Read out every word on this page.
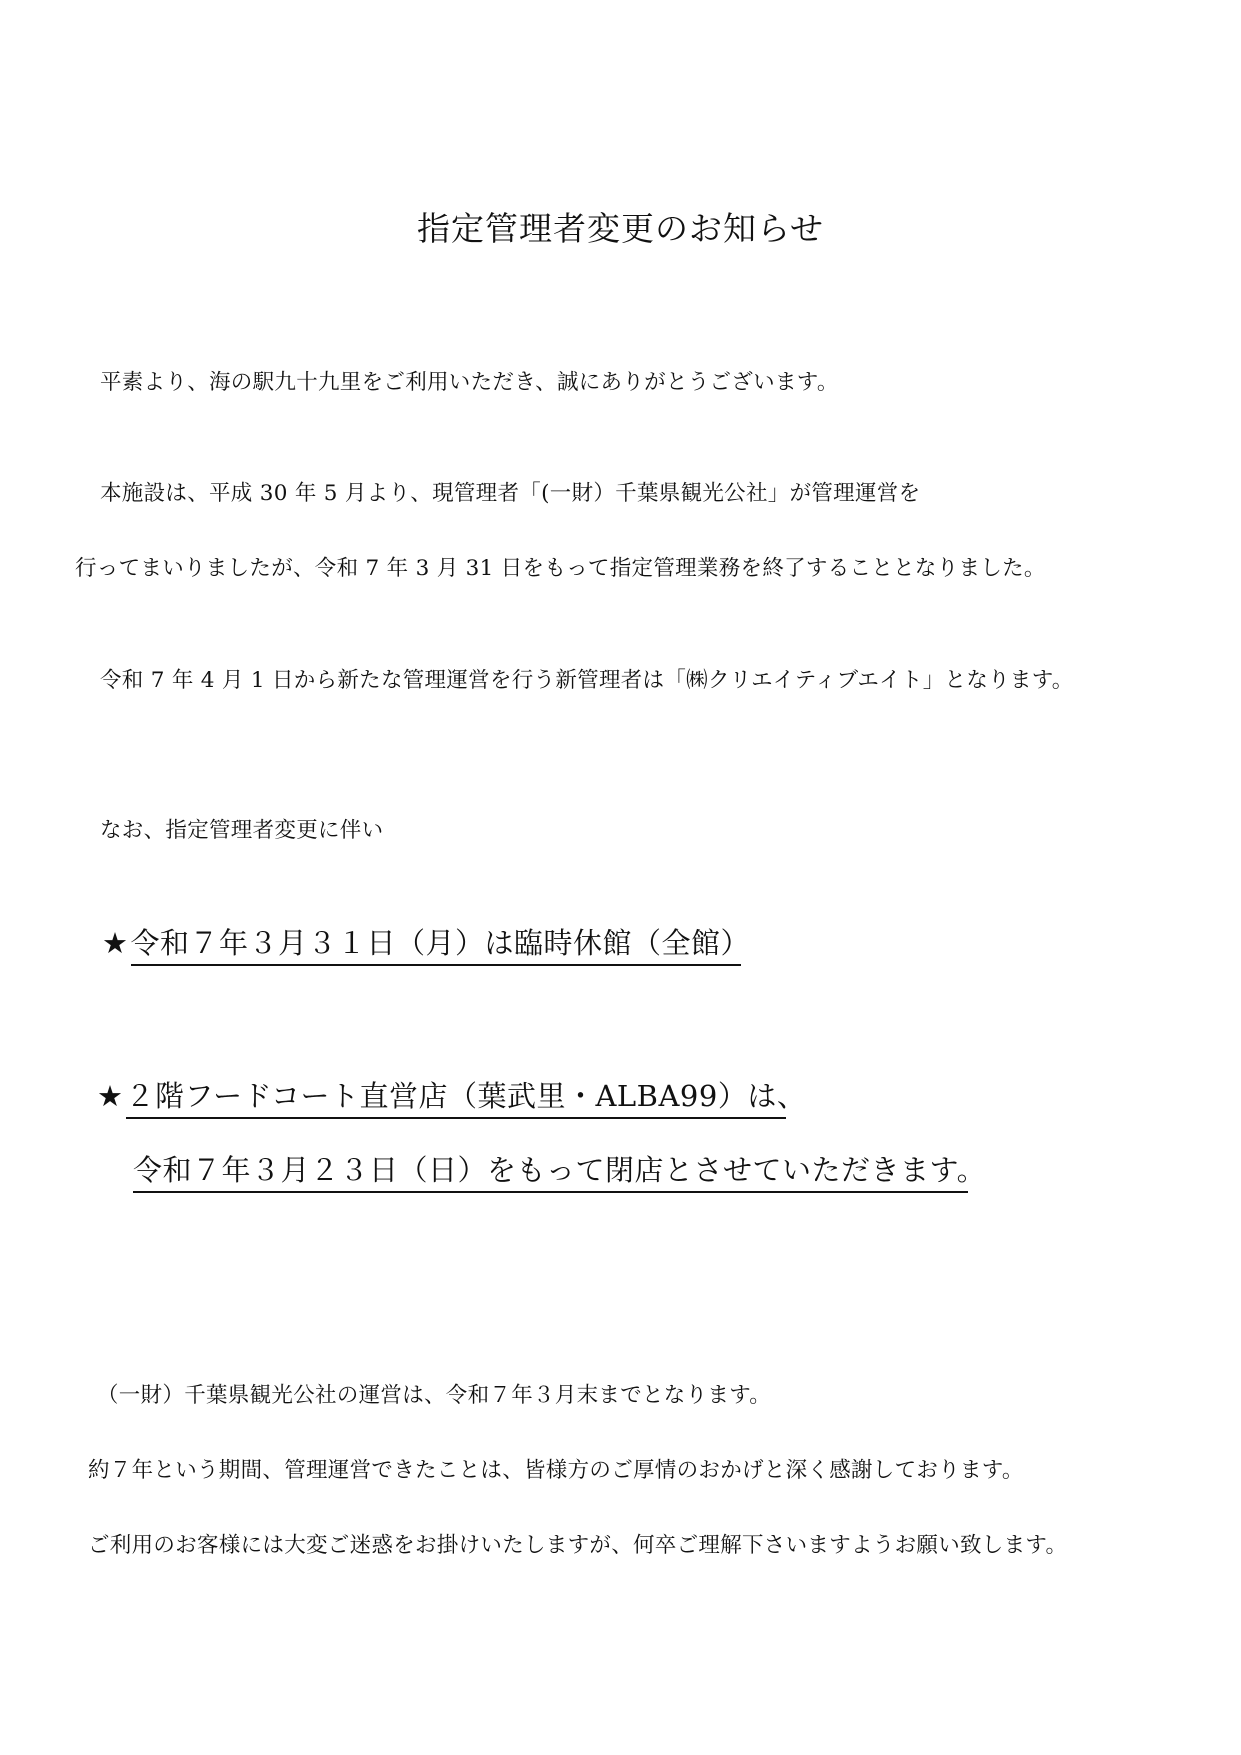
指定管理者変更のお知らせ
平素より、海の駅九十九里をご利用いただき、誠にありがとうございます。
本施設は、平成 30 年 5 月より、現管理者「(一財）千葉県観光公社」が管理運営を
行ってまいりましたが、令和 7 年 3 月 31 日をもって指定管理業務を終了することとなりました。
令和 7 年 4 月 1 日から新たな管理運営を行う新管理者は「㈱クリエイティブエイト」となります。
なお、指定管理者変更に伴い
★令和７年３月３１日（月）は臨時休館（全館）
★２階フードコート直営店（葉武里・ALBA99）は、
令和７年３月２３日（日）をもって閉店とさせていただきます。
（一財）千葉県観光公社の運営は、令和７年３月末までとなります。
約７年という期間、管理運営できたことは、皆様方のご厚情のおかげと深く感謝しております。
ご利用のお客様には大変ご迷惑をお掛けいたしますが、何卒ご理解下さいますようお願い致します。
